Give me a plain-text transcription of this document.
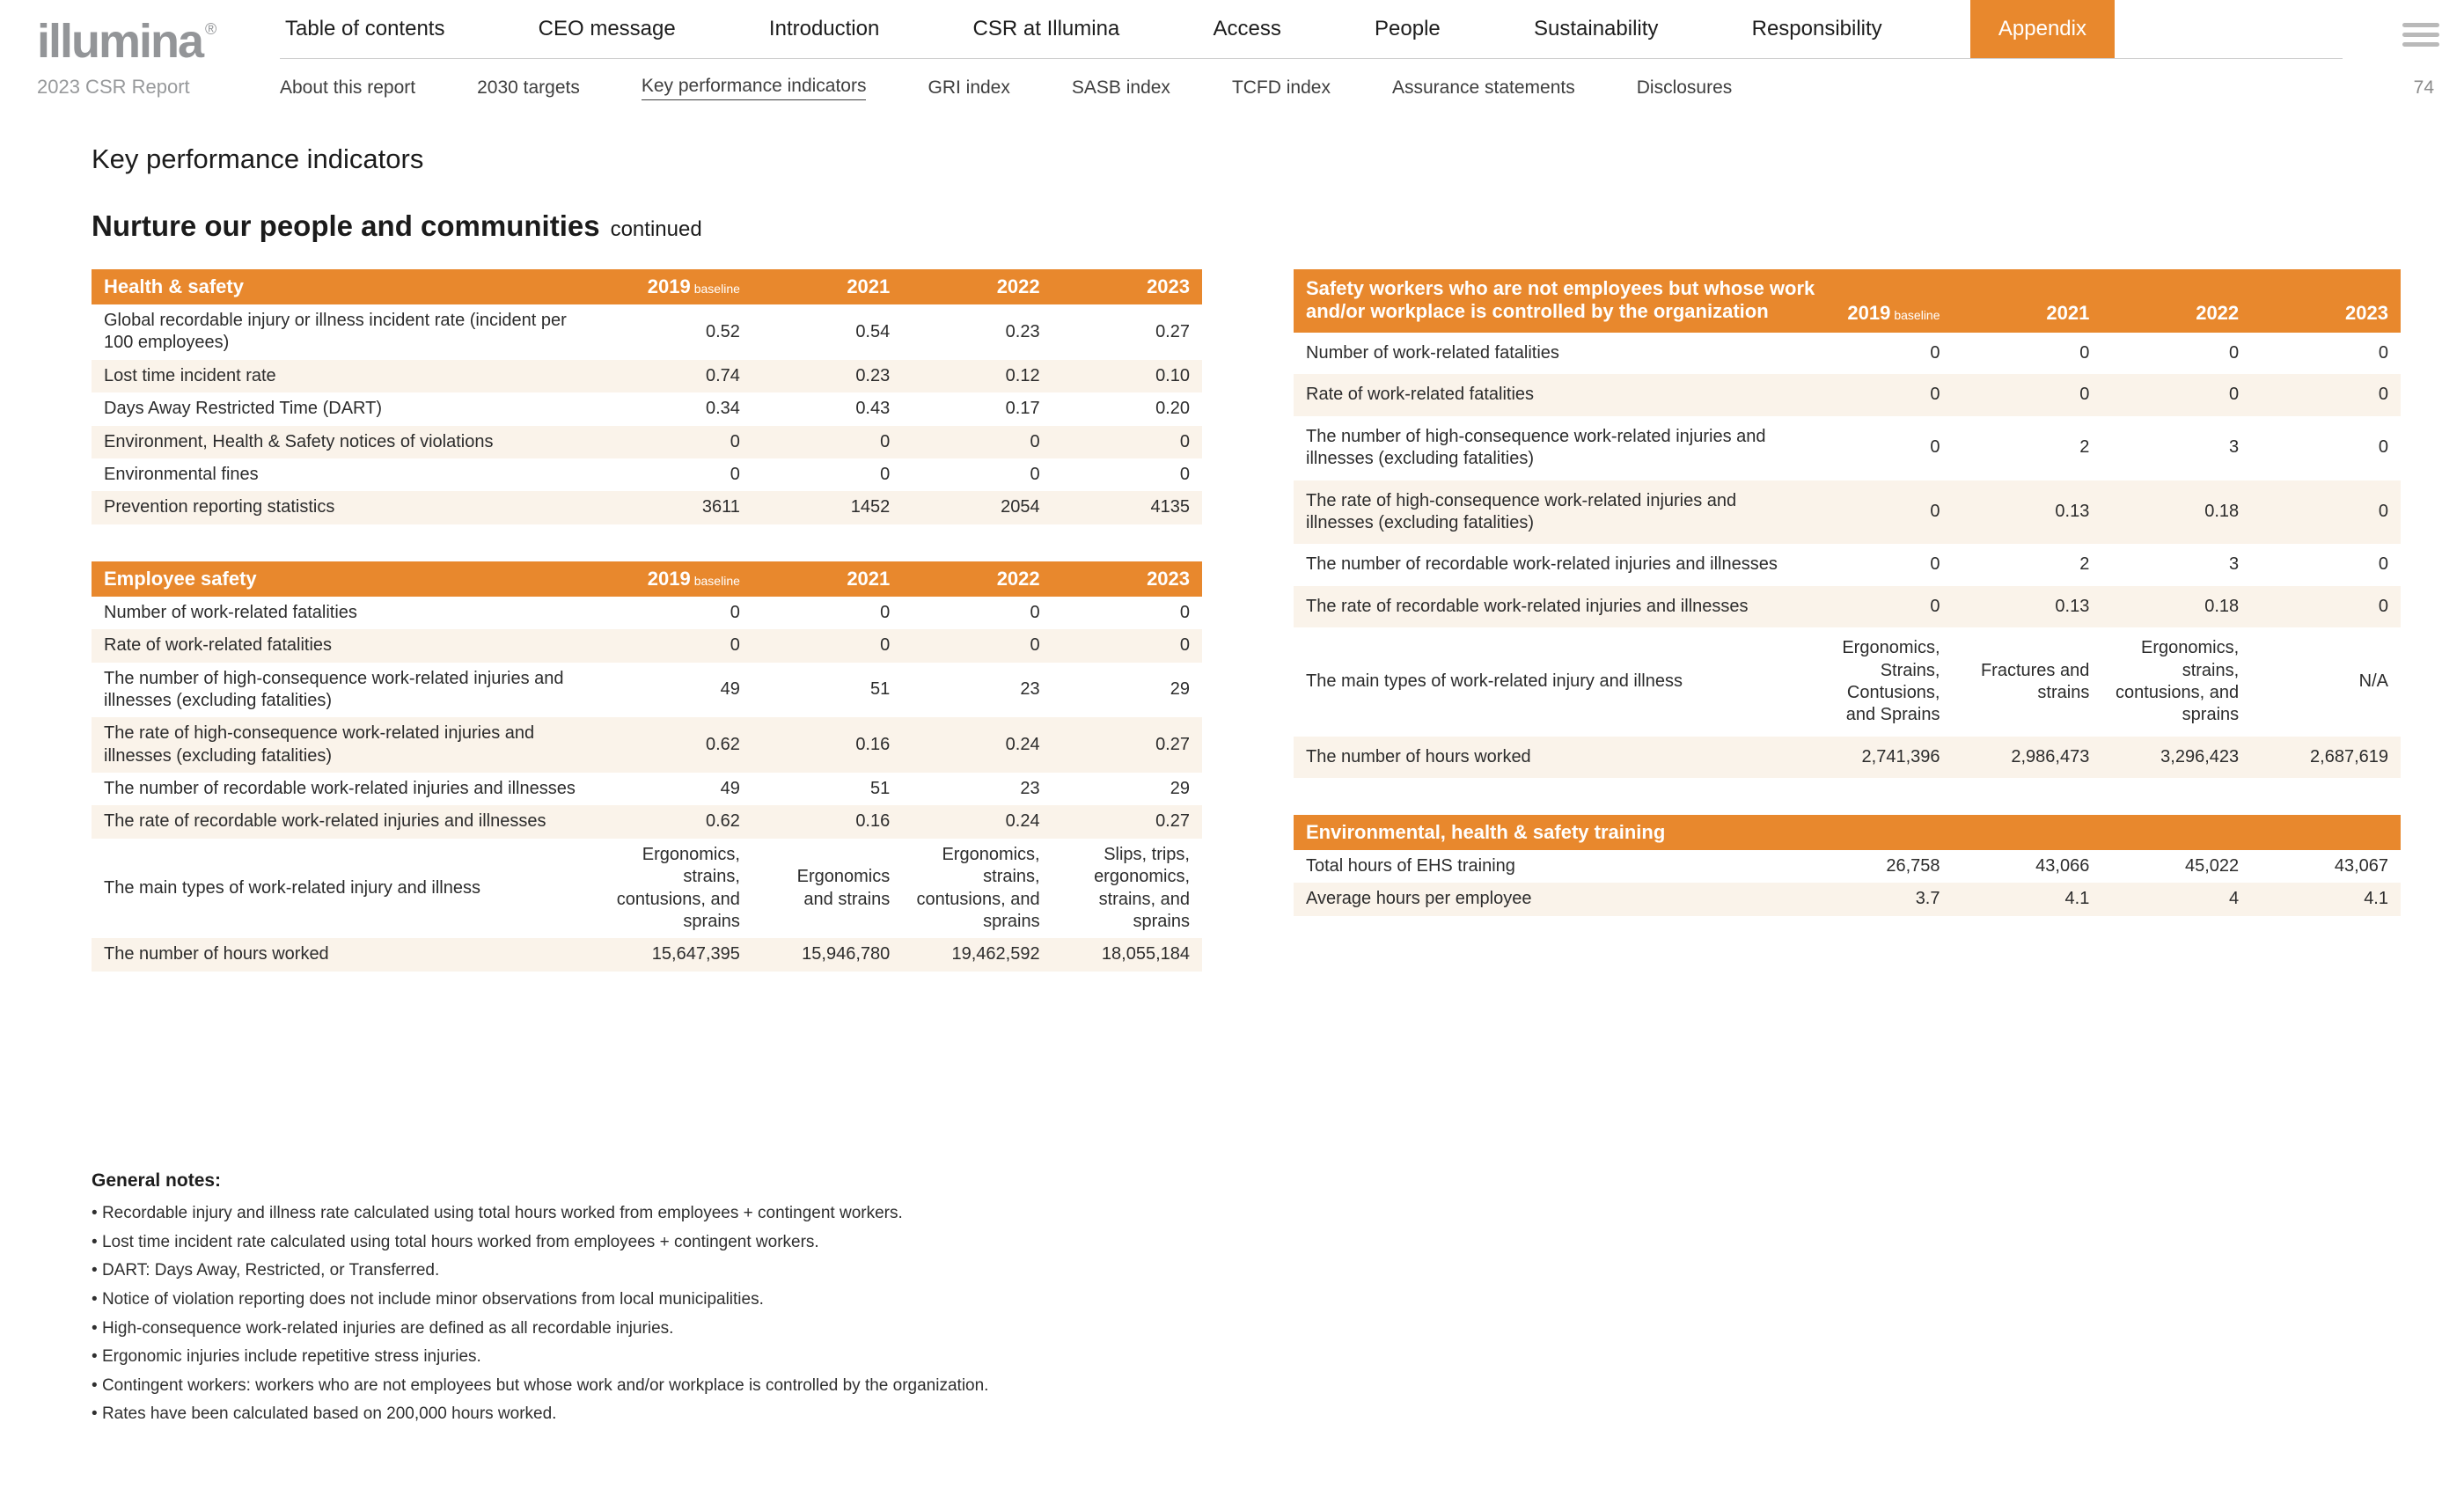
illumina ®
2023 CSR Report
Table of contents	CEO message	Introduction	CSR at Illumina	Access	People	Sustainability	Responsibility	Appendix
About this report	2030 targets	Key performance indicators	GRI index	SASB index	TCFD index	Assurance statements	Disclosures	74
Key performance indicators
Nurture our people and communities continued
Health & safety	2019 baseline	2021	2022	2023
Global recordable injury or illness incident rate (incident per 100 employees)	0.52	0.54	0.23	0.27
Lost time incident rate	0.74	0.23	0.12	0.10
Days Away Restricted Time (DART)	0.34	0.43	0.17	0.20
Environment, Health & Safety notices of violations	0	0	0	0
Environmental fines	0	0	0	0
Prevention reporting statistics	3611	1452	2054	4135
Employee safety	2019 baseline	2021	2022	2023
Number of work-related fatalities	0	0	0	0
Rate of work-related fatalities	0	0	0	0
The number of high-consequence work-related injuries and illnesses (excluding fatalities)	49	51	23	29
The rate of high-consequence work-related injuries and illnesses (excluding fatalities)	0.62	0.16	0.24	0.27
The number of recordable work-related injuries and illnesses	49	51	23	29
The rate of recordable work-related injuries and illnesses	0.62	0.16	0.24	0.27
The main types of work-related injury and illness	Ergonomics, strains, contusions, and sprains	Ergonomics and strains	Ergonomics, strains, contusions, and sprains	Slips, trips, ergonomics, strains, and sprains
The number of hours worked	15,647,395	15,946,780	19,462,592	18,055,184
Safety workers who are not employees but whose work and/or workplace is controlled by the organization	2019 baseline	2021	2022	2023
Number of work-related fatalities	0	0	0	0
Rate of work-related fatalities	0	0	0	0
The number of high-consequence work-related injuries and illnesses (excluding fatalities)	0	2	3	0
The rate of high-consequence work-related injuries and illnesses (excluding fatalities)	0	0.13	0.18	0
The number of recordable work-related injuries and illnesses	0	2	3	0
The rate of recordable work-related injuries and illnesses	0	0.13	0.18	0
The main types of work-related injury and illness	Ergonomics, Strains, Contusions, and Sprains	Fractures and strains	Ergonomics, strains, contusions, and sprains	N/A
The number of hours worked	2,741,396	2,986,473	3,296,423	2,687,619
Environmental, health & safety training
Total hours of EHS training	26,758	43,066	45,022	43,067
Average hours per employee	3.7	4.1	4	4.1
General notes:
• Recordable injury and illness rate calculated using total hours worked from employees + contingent workers.
• Lost time incident rate calculated using total hours worked from employees + contingent workers.
• DART: Days Away, Restricted, or Transferred.
• Notice of violation reporting does not include minor observations from local municipalities.
• High-consequence work-related injuries are defined as all recordable injuries.
• Ergonomic injuries include repetitive stress injuries.
• Contingent workers: workers who are not employees but whose work and/or workplace is controlled by the organization.
• Rates have been calculated based on 200,000 hours worked.
